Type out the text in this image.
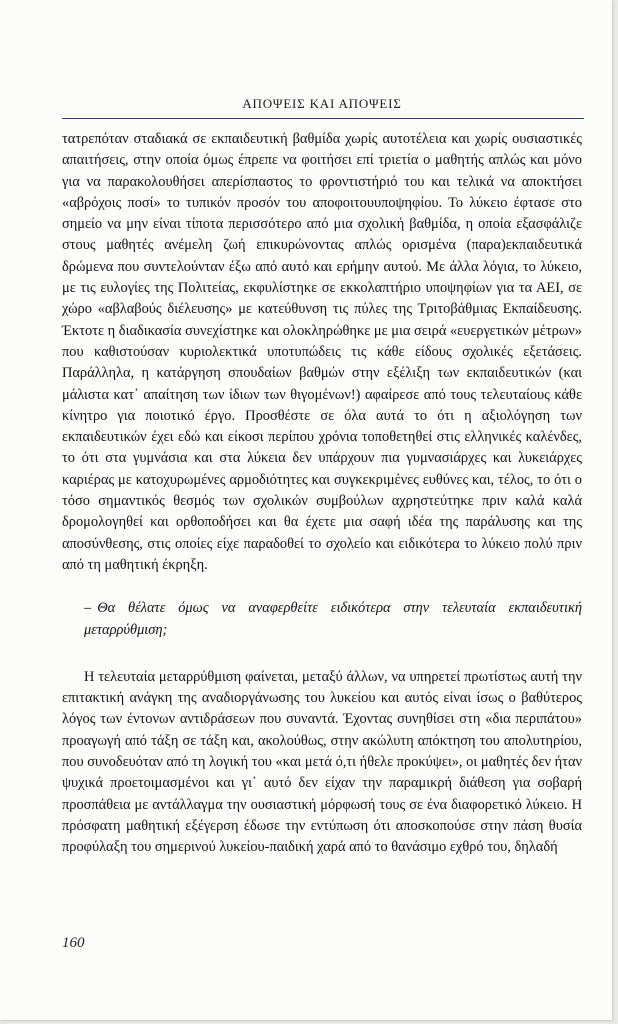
ΑΠΟΨΕΙΣ ΚΑΙ ΑΠΟΨΕΙΣ

τατρεπόταν σταδιακά σε εκπαιδευτική βαθμίδα χωρίς αυτοτέλεια και χωρίς ουσιαστικές απαιτήσεις, στην οποία όμως έπρεπε να φοιτήσει επί τριετία ο μαθητής απλώς και μόνο για να παρακολουθήσει απερίσπαστος το φροντιστήριό του και τελικά να αποκτήσει «αβρόχοις ποσί» το τυπικόν προσόν του αποφοιτουυποψηφίου. Το λύκειο έφτασε στο σημείο να μην είναι τίποτα περισσότερο από μια σχολική βαθμίδα, η οποία εξασφάλιζε στους μαθητές ανέμελη ζωή επικυρώνοντας απλώς ορισμένα (παρα)εκπαιδευτικά δρώμενα που συντελούνταν έξω από αυτό και ερήμην αυτού. Με άλλα λόγια, το λύκειο, με τις ευλογίες της Πολιτείας, εκφυλίστηκε σε εκκολαπτήριο υποψηφίων για τα ΑΕΙ, σε χώρο «αβλαβούς διέλευσης» με κατεύθυνση τις πύλες της Τριτοβάθμιας Εκπαίδευσης. Έκτοτε η διαδικασία συνεχίστηκε και ολοκληρώθηκε με μια σειρά «ευεργετικών μέτρων» που καθιστούσαν κυριολεκτικά υποτυπώδεις τις κάθε είδους σχολικές εξετάσεις. Παράλληλα, η κατάργηση σπουδαίων βαθμών στην εξέλιξη των εκπαιδευτικών (και μάλιστα κατ᾽ απαίτηση των ίδιων των θιγομένων!) αφαίρεσε από τους τελευταίους κάθε κίνητρο για ποιοτικό έργο. Προσθέστε σε όλα αυτά το ότι η αξιολόγηση των εκπαιδευτικών έχει εδώ και είκοσι περίπου χρόνια τοποθετηθεί στις ελληνικές καλένδες, το ότι στα γυμνάσια και στα λύκεια δεν υπάρχουν πια γυμνασιάρχες και λυκειάρχες καριέρας με κατοχυρωμένες αρμοδιότητες και συγκεκριμένες ευθύνες και, τέλος, το ότι ο τόσο σημαντικός θεσμός των σχολικών συμβούλων αχρηστεύτηκε πριν καλά καλά δρομολογηθεί και ορθοποδήσει και θα έχετε μια σαφή ιδέα της παράλυσης και της αποσύνθεσης, στις οποίες είχε παραδοθεί το σχολείο και ειδικότερα το λύκειο πολύ πριν από τη μαθητική έκρηξη.

– Θα θέλατε όμως να αναφερθείτε ειδικότερα στην τελευταία εκπαιδευτική μεταρρύθμιση;

Η τελευταία μεταρρύθμιση φαίνεται, μεταξύ άλλων, να υπηρετεί πρωτίστως αυτή την επιτακτική ανάγκη της αναδιοργάνωσης του λυκείου και αυτός είναι ίσως ο βαθύτερος λόγος των έντονων αντιδράσεων που συναντά. Έχοντας συνηθίσει στη «δια περιπάτου» προαγωγή από τάξη σε τάξη και, ακολούθως, στην ακώλυτη απόκτηση του απολυτηρίου, που συνοδευόταν από τη λογική του «και μετά ό,τι ήθελε προκύψει», οι μαθητές δεν ήταν ψυχικά προετοιμασμένοι και γι᾽ αυτό δεν είχαν την παραμικρή διάθεση για σοβαρή προσπάθεια με αντάλλαγμα την ουσιαστική μόρφωσή τους σε ένα διαφορετικό λύκειο. Η πρόσφατη μαθητική εξέγερση έδωσε την εντύπωση ότι αποσκοπούσε στην πάση θυσία προφύλαξη του σημερινού λυκείου-παιδική χαρά από το θανάσιμο εχθρό του, δηλαδή

160
